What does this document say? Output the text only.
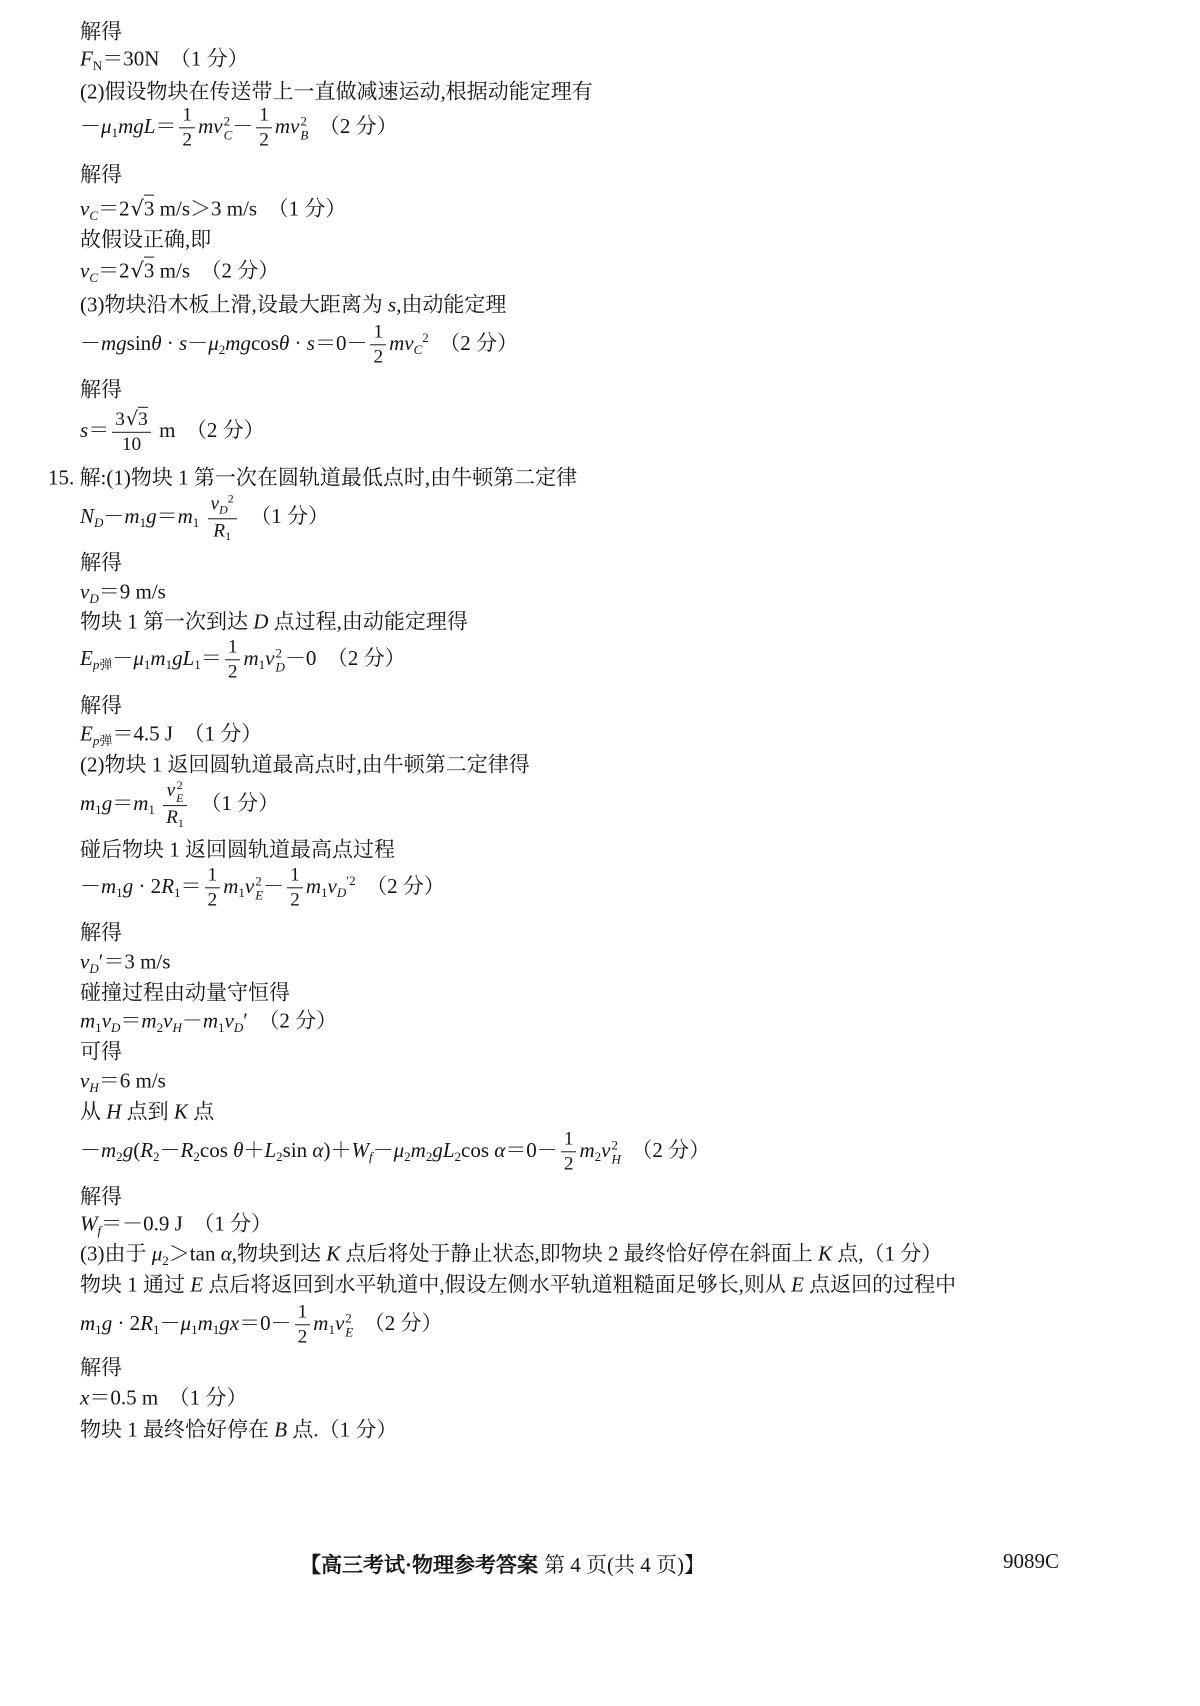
解得
$F_N=30N$　（1 分）
(2)假设物块在传送带上一直做减速运动,根据动能定理有
$-\mu_1mgL= \frac{1}{2}$ mv 2
$C - \frac{1}{2}$ mv 2
B 　（2 分）
解得
vC＝2√3 m/s＞3 m/s　（1 分）
故假设正确,即
vC＝2√3 m/s　（2 分）
(3)物块沿木板上滑,设最大距离为 s,由动能定理
$-mgsin\theta \cdot s-\mu_2mgcos\theta \cdot s=0- \frac{1}{2} mvC^2$　（2 分）
解得
$s= \frac{3√3}{10}$ m　（2 分）
15. 解:(1)物块 1 第一次在圆轨道最低点时,由牛顿第二定律
$ND-m_1g=m_1 \frac{vD^2}{R_1}$ 　（1 分）
解得
vD＝9 m/s
物块 1 第一次到达 D 点过程,由动能定理得
$Ep_弹-\mu_1m_1gL_1= \frac{1}{2} m_1v$ 2
D －0　（2 分）
解得
$Ep_弹=4.5$ J　（1 分）
(2)物块 1 返回圆轨道最高点时,由牛顿第二定律得
$m_1g=m_1$ v 2
E
$R_1$ 　（1 分）
碰后物块 1 返回圆轨道最高点过程
$-m_1g \cdot 2R_1= \frac{1}{2} m_1v$ 2
$E - \frac{1}{2} m_1vD^{'2}$　（2 分）
解得
vD′＝3 m/s
碰撞过程由动量守恒得
$m_1vD=m_2vH-m_1vD'$　（2 分）
可得
vH＝6 m/s
从 H 点到 K 点
$-m_2g(R_2-R_2\cos$ $\theta+L_2\sin$ $\alpha)+Wf-\mu_2m_2gL_2\cos$ $\alpha=0- \frac{1}{2} m_2v$ 2
H 　（2 分）
解得
Wf＝－0.9 J　（1 分）
(3)由于 $\mu_2>\tan$ α,物块到达 K 点后将处于静止状态,即物块 2 最终恰好停在斜面上 K 点,（1 分）
物块 1 通过 E 点后将返回到水平轨道中,假设左侧水平轨道粗糙面足够长,则从 E 点返回的过程中
$m_1g \cdot 2R_1-\mu_1m_1gx=0- \frac{1}{2} m_1v$ 2
E 　（2 分）
解得
x＝0.5 m　（1 分）
物块 1 最终恰好停在 B 点.（1 分）
【高三考试·物理参考答案 第 4 页(共 4 页)】	9089C
